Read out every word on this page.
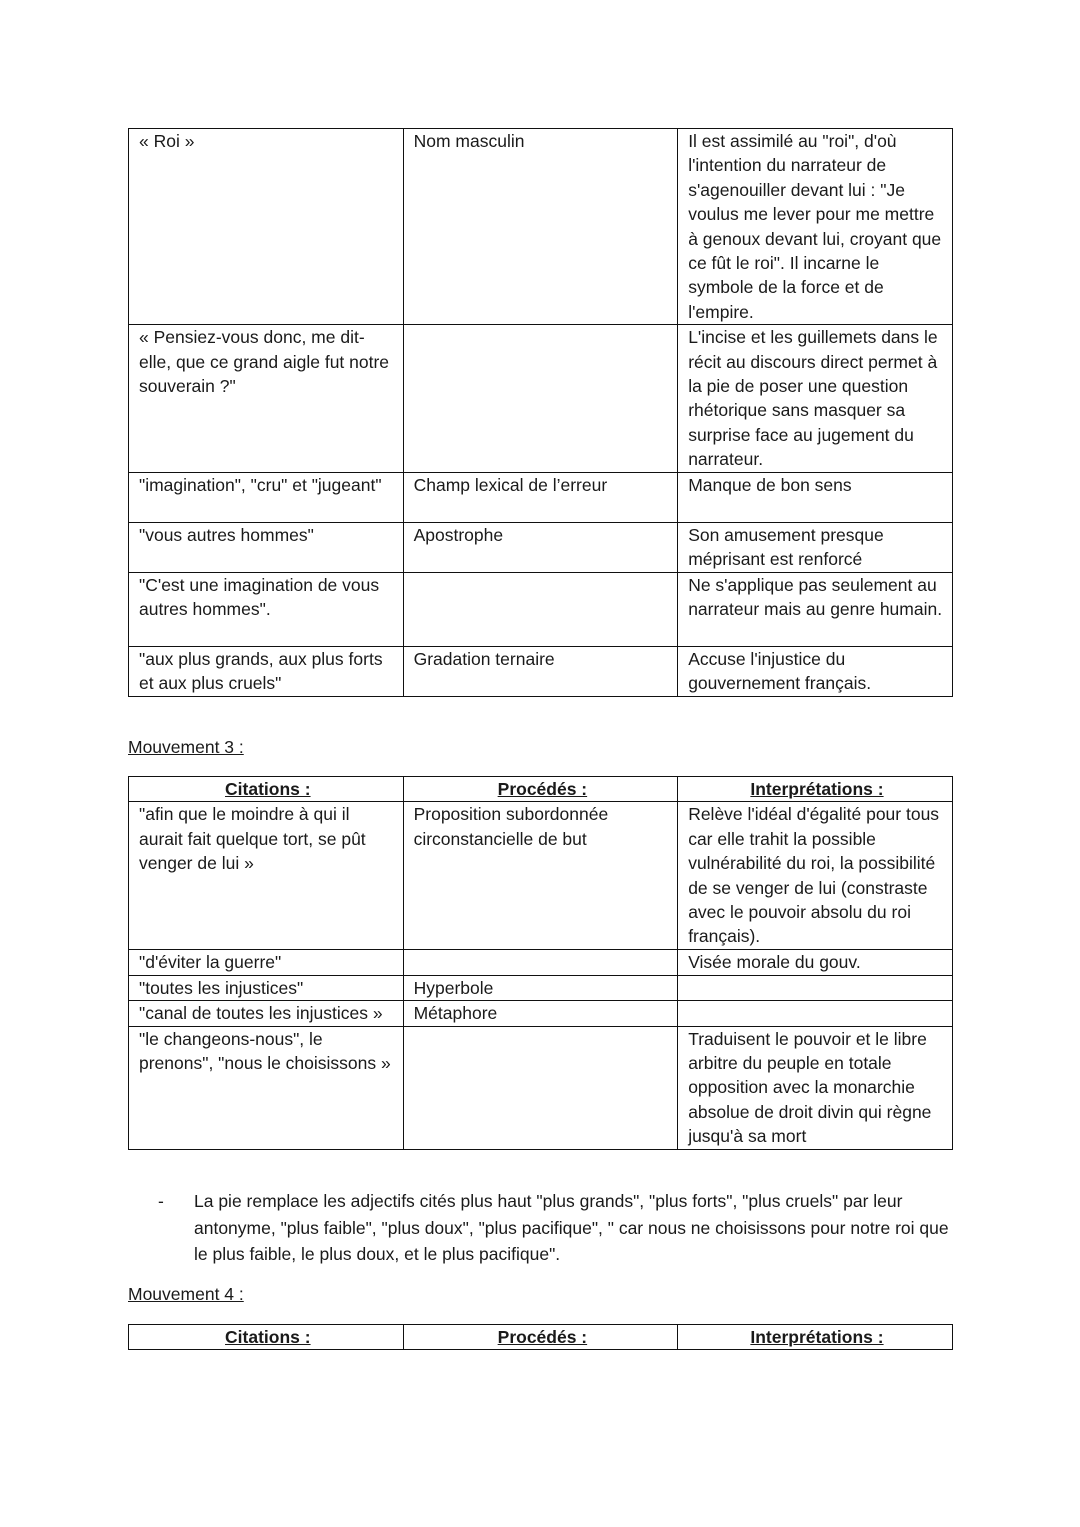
« Roi »	Nom masculin	Il est assimilé au "roi", d'où l'intention du narrateur de s'agenouiller devant lui : "Je voulus me lever pour me mettre à genoux devant lui, croyant que ce fût le roi". Il incarne le symbole de la force et de l'empire.
« Pensiez-vous donc, me dit-elle, que ce grand aigle fut notre souverain ?"		L'incise et les guillemets dans le récit au discours direct permet à la pie de poser une question rhétorique sans masquer sa surprise face au jugement du narrateur.
"imagination", "cru" et "jugeant"	Champ lexical de l’erreur	Manque de bon sens
"vous autres hommes"	Apostrophe	Son amusement presque méprisant est renforcé
"C'est une imagination de vous autres hommes".		Ne s'applique pas seulement au narrateur mais au genre humain.
"aux plus grands, aux plus forts et aux plus cruels"	Gradation ternaire	Accuse l'injustice du gouvernement français.
Mouvement 3 :
Citations :	Procédés :	Interprétations :
"afin que le moindre à qui il aurait fait quelque tort, se pût venger de lui »	Proposition subordonnée circonstancielle de but	Relève l'idéal d'égalité pour tous car elle trahit la possible vulnérabilité du roi, la possibilité de se venger de lui (constraste avec le pouvoir absolu du roi français).
"d'éviter la guerre"		Visée morale du gouv.
"toutes les injustices"	Hyperbole	
"canal de toutes les injustices »	Métaphore	
"le changeons-nous", le prenons", "nous le choisissons »		Traduisent le pouvoir et le libre arbitre du peuple en totale opposition avec la monarchie absolue de droit divin qui règne jusqu'à sa mort
- La pie remplace les adjectifs cités plus haut "plus grands", "plus forts", "plus cruels" par leur antonyme, "plus faible", "plus doux", "plus pacifique", " car nous ne choisissons pour notre roi que le plus faible, le plus doux, et le plus pacifique".
Mouvement 4 :
Citations :	Procédés :	Interprétations :
